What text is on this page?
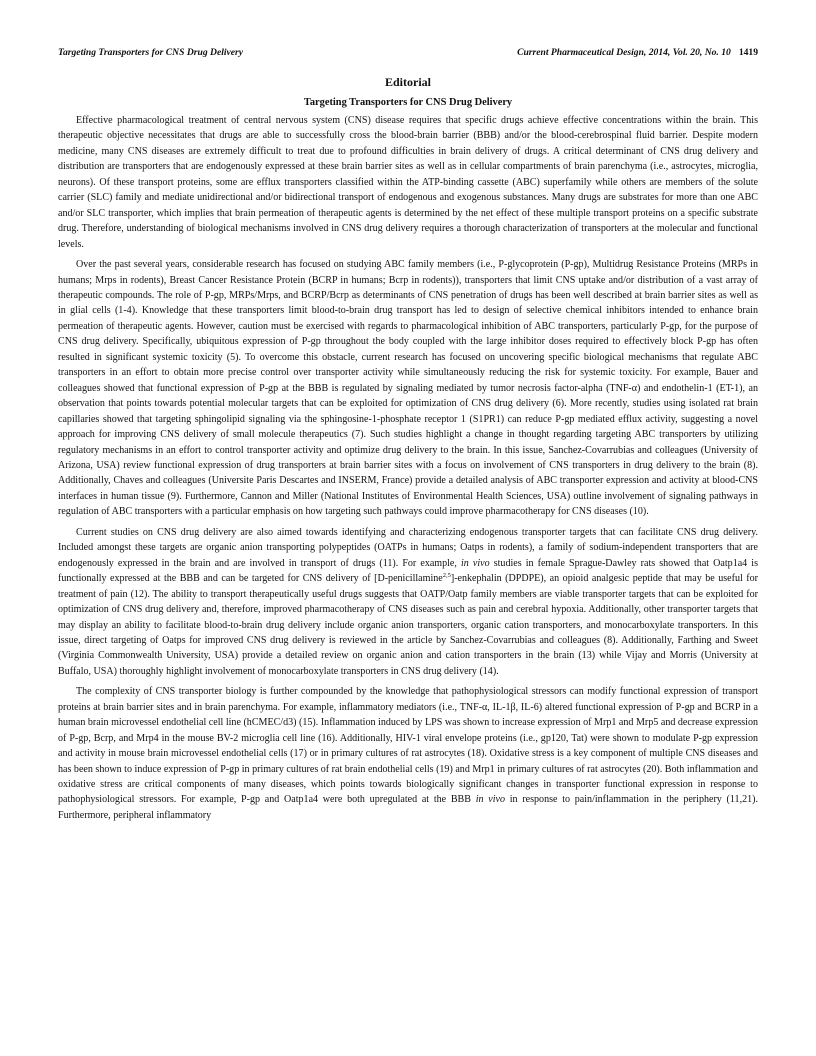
Targeting Transporters for CNS Drug Delivery	Current Pharmaceutical Design, 2014, Vol. 20, No. 10 1419
Editorial
Targeting Transporters for CNS Drug Delivery

Effective pharmacological treatment of central nervous system (CNS) disease requires that specific drugs achieve effective concentrations within the brain. This therapeutic objective necessitates that drugs are able to successfully cross the blood-brain barrier (BBB) and/or the blood-cerebrospinal fluid barrier. Despite modern medicine, many CNS diseases are extremely difficult to treat due to profound difficulties in brain delivery of drugs. A critical determinant of CNS drug delivery and distribution are transporters that are endogenously expressed at these brain barrier sites as well as in cellular compartments of brain parenchyma (i.e., astrocytes, microglia, neurons). Of these transport proteins, some are efflux transporters classified within the ATP-binding cassette (ABC) superfamily while others are members of the solute carrier (SLC) family and mediate unidirectional and/or bidirectional transport of endogenous and exogenous substances. Many drugs are substrates for more than one ABC and/or SLC transporter, which implies that brain permeation of therapeutic agents is determined by the net effect of these multiple transport proteins on a specific substrate drug. Therefore, understanding of biological mechanisms involved in CNS drug delivery requires a thorough characterization of transporters at the molecular and functional levels.

Over the past several years, considerable research has focused on studying ABC family members (i.e., P-glycoprotein (P-gp), Multidrug Resistance Proteins (MRPs in humans; Mrps in rodents), Breast Cancer Resistance Protein (BCRP in humans; Bcrp in rodents)), transporters that limit CNS uptake and/or distribution of a vast array of therapeutic compounds. The role of P-gp, MRPs/Mrps, and BCRP/Bcrp as determinants of CNS penetration of drugs has been well described at brain barrier sites as well as in glial cells (1-4). Knowledge that these transporters limit blood-to-brain drug transport has led to design of selective chemical inhibitors intended to enhance brain permeation of therapeutic agents. However, caution must be exercised with regards to pharmacological inhibition of ABC transporters, particularly P-gp, for the purpose of CNS drug delivery. Specifically, ubiquitous expression of P-gp throughout the body coupled with the large inhibitor doses required to effectively block P-gp has often resulted in significant systemic toxicity (5). To overcome this obstacle, current research has focused on uncovering specific biological mechanisms that regulate ABC transporters in an effort to obtain more precise control over transporter activity while simultaneously reducing the risk for systemic toxicity. For example, Bauer and colleagues showed that functional expression of P-gp at the BBB is regulated by signaling mediated by tumor necrosis factor-alpha (TNF-α) and endothelin-1 (ET-1), an observation that points towards potential molecular targets that can be exploited for optimization of CNS drug delivery (6). More recently, studies using isolated rat brain capillaries showed that targeting sphingolipid signaling via the sphingosine-1-phosphate receptor 1 (S1PR1) can reduce P-gp mediated efflux activity, suggesting a novel approach for improving CNS delivery of small molecule therapeutics (7). Such studies highlight a change in thought regarding targeting ABC transporters by utilizing regulatory mechanisms in an effort to control transporter activity and optimize drug delivery to the brain. In this issue, Sanchez-Covarrubias and colleagues (University of Arizona, USA) review functional expression of drug transporters at brain barrier sites with a focus on involvement of CNS transporters in drug delivery to the brain (8). Additionally, Chaves and colleagues (Universite Paris Descartes and INSERM, France) provide a detailed analysis of ABC transporter expression and activity at blood-CNS interfaces in human tissue (9). Furthermore, Cannon and Miller (National Institutes of Environmental Health Sciences, USA) outline involvement of signaling pathways in regulation of ABC transporters with a particular emphasis on how targeting such pathways could improve pharmacotherapy for CNS diseases (10).

Current studies on CNS drug delivery are also aimed towards identifying and characterizing endogenous transporter targets that can facilitate CNS drug delivery. Included amongst these targets are organic anion transporting polypeptides (OATPs in humans; Oatps in rodents), a family of sodium-independent transporters that are endogenously expressed in the brain and are involved in transport of drugs (11). For example, in vivo studies in female Sprague-Dawley rats showed that Oatp1a4 is functionally expressed at the BBB and can be targeted for CNS delivery of [D-penicillamine$^{2,5}$]-enkephalin (DPDPE), an opioid analgesic peptide that may be useful for treatment of pain (12). The ability to transport therapeutically useful drugs suggests that OATP/Oatp family members are viable transporter targets that can be exploited for optimization of CNS drug delivery and, therefore, improved pharmacotherapy of CNS diseases such as pain and cerebral hypoxia. Additionally, other transporter targets that may display an ability to facilitate blood-to-brain drug delivery include organic anion transporters, organic cation transporters, and monocarboxylate transporters. In this issue, direct targeting of Oatps for improved CNS drug delivery is reviewed in the article by Sanchez-Covarrubias and colleagues (8). Additionally, Farthing and Sweet (Virginia Commonwealth University, USA) provide a detailed review on organic anion and cation transporters in the brain (13) while Vijay and Morris (University at Buffalo, USA) thoroughly highlight involvement of monocarboxylate transporters in CNS drug delivery (14).

The complexity of CNS transporter biology is further compounded by the knowledge that pathophysiological stressors can modify functional expression of transport proteins at brain barrier sites and in brain parenchyma. For example, inflammatory mediators (i.e., TNF-α, IL-1β, IL-6) altered functional expression of P-gp and BCRP in a human brain microvessel endothelial cell line (hCMEC/d3) (15). Inflammation induced by LPS was shown to increase expression of Mrp1 and Mrp5 and decrease expression of P-gp, Bcrp, and Mrp4 in the mouse BV-2 microglia cell line (16). Additionally, HIV-1 viral envelope proteins (i.e., gp120, Tat) were shown to modulate P-gp expression and activity in mouse brain microvessel endothelial cells (17) or in primary cultures of rat astrocytes (18). Oxidative stress is a key component of multiple CNS diseases and has been shown to induce expression of P-gp in primary cultures of rat brain endothelial cells (19) and Mrp1 in primary cultures of rat astrocytes (20). Both inflammation and oxidative stress are critical components of many diseases, which points towards biologically significant changes in transporter functional expression in response to pathophysiological stressors. For example, P-gp and Oatp1a4 were both upregulated at the BBB in vivo in response to pain/inflammation in the periphery (11,21). Furthermore, peripheral inflammatory
